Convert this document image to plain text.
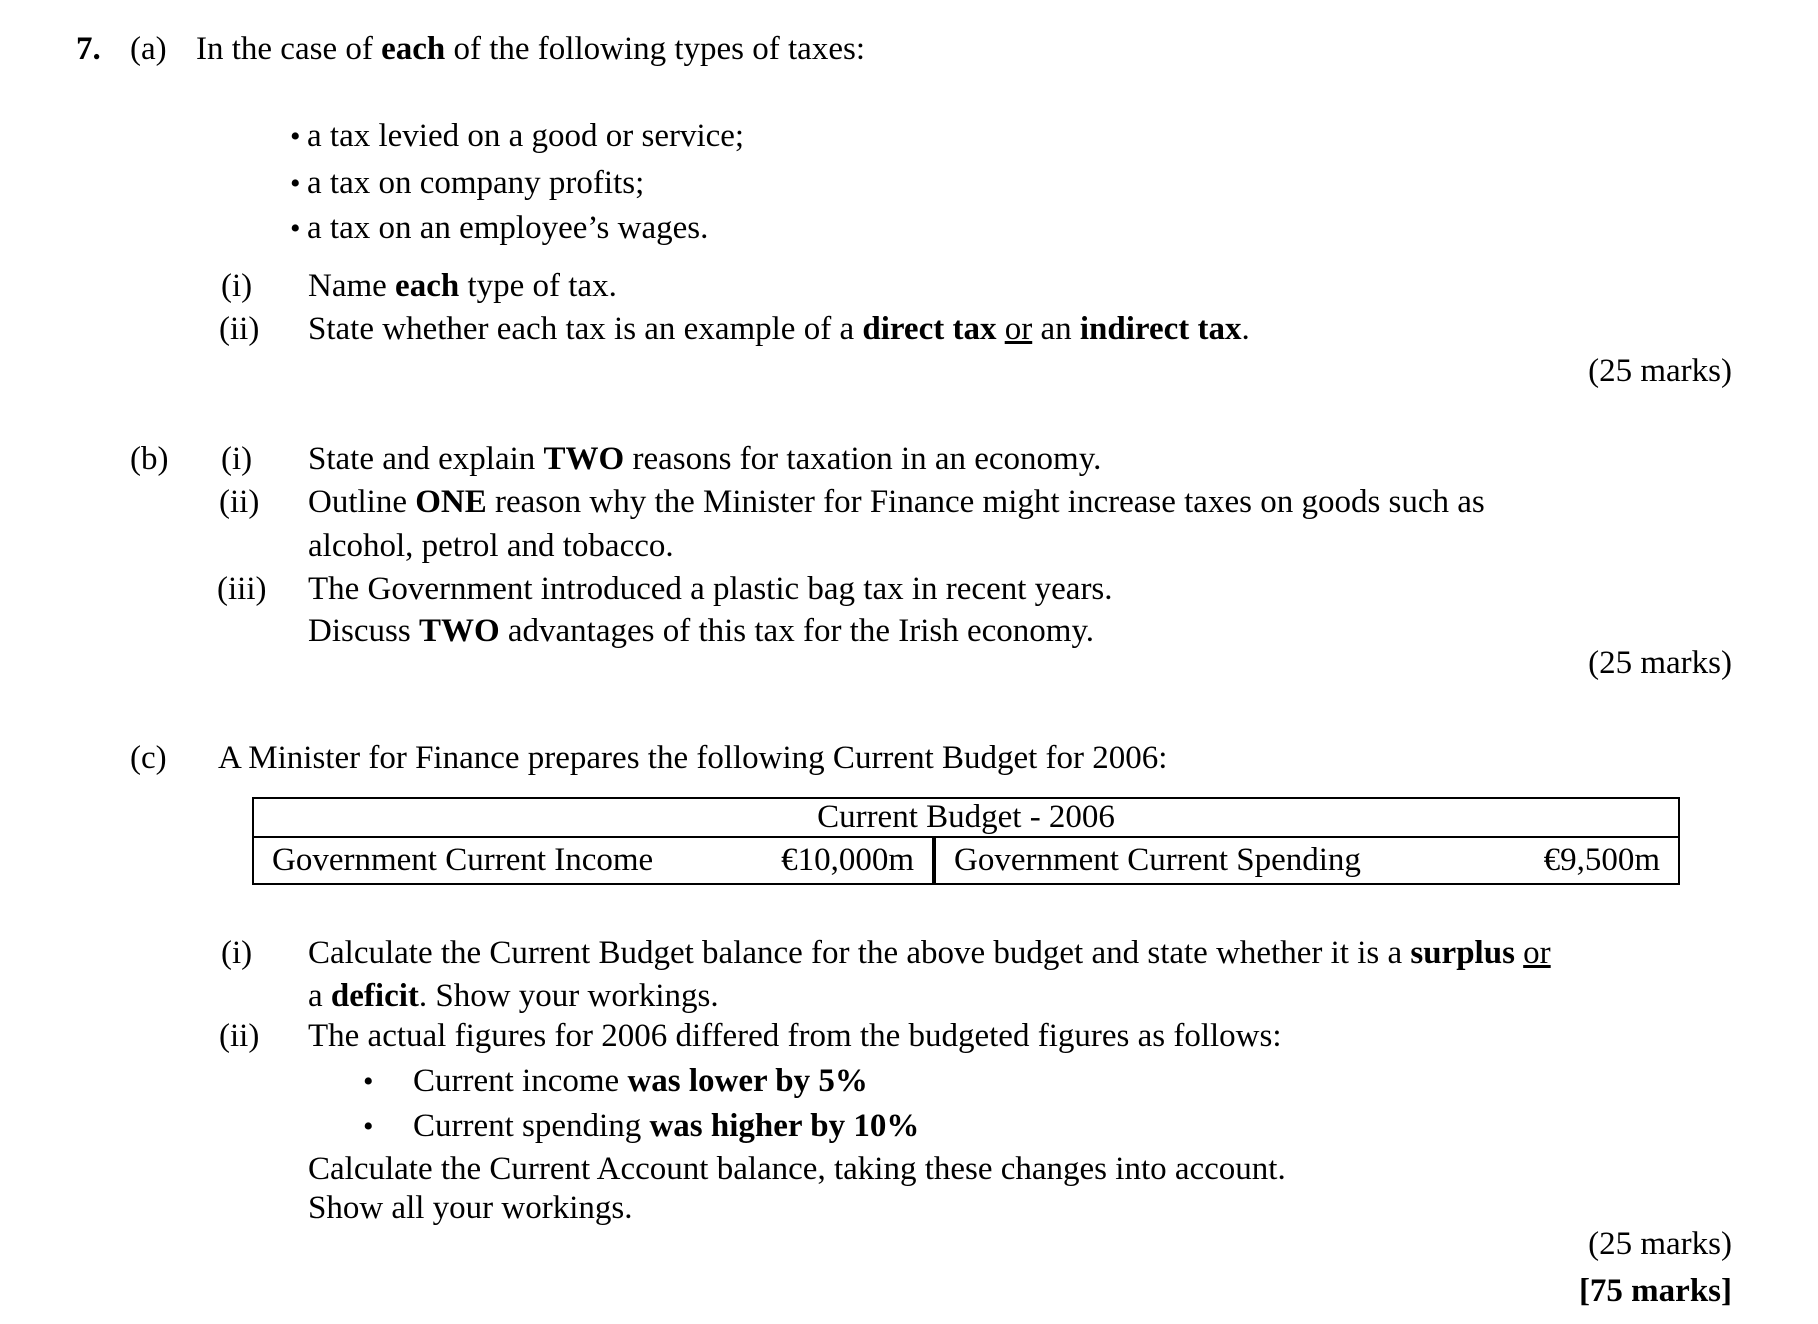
7. (a) In the case of each of the following types of taxes:
• a tax levied on a good or service;
• a tax on company profits;
• a tax on an employee’s wages.
(i) Name each type of tax.
(ii) State whether each tax is an example of a direct tax or an indirect tax.
(25 marks)
(b) (i) State and explain TWO reasons for taxation in an economy.
(ii) Outline ONE reason why the Minister for Finance might increase taxes on goods such as
alcohol, petrol and tobacco.
(iii) The Government introduced a plastic bag tax in recent years.
Discuss TWO advantages of this tax for the Irish economy.
(25 marks)
(c) A Minister for Finance prepares the following Current Budget for 2006:
Current Budget - 2006
Government Current Income	€10,000m Government Current Spending	€9,500m
(i) Calculate the Current Budget balance for the above budget and state whether it is a surplus or
a deficit. Show your workings.
(ii) The actual figures for 2006 differed from the budgeted figures as follows:
• Current income was lower by 5%
• Current spending was higher by 10%
Calculate the Current Account balance, taking these changes into account.
Show all your workings.
(25 marks)
[75 marks]
